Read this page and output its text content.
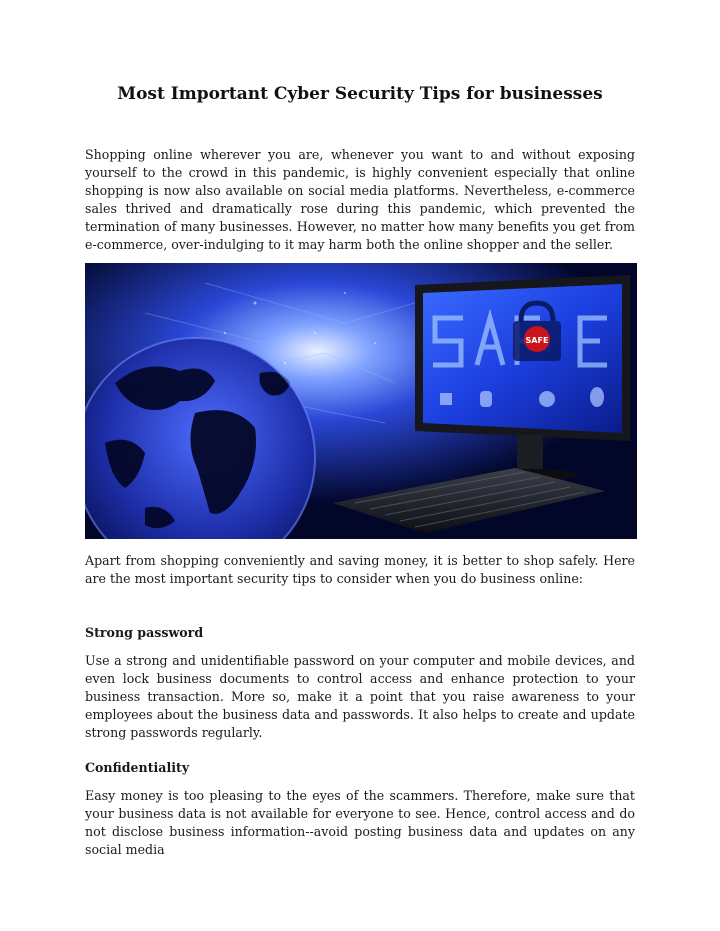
Most Important Cyber Security Tips for businesses

Shopping online wherever you are, whenever you want to and without exposing yourself to the crowd in this pandemic, is highly convenient especially that online shopping is now also available on social media platforms. Nevertheless, e-commerce sales thrived and dramatically rose during this pandemic, which prevented the termination of many businesses. However, no matter how many benefits you get from e-commerce, over-indulging to it may harm both the online shopper and the seller.

SAFE

Apart from shopping conveniently and saving money, it is better to shop safely. Here are the most important security tips to consider when you do business online:

Strong password

Use a strong and unidentifiable password on your computer and mobile devices, and even lock business documents to control access and enhance protection to your business transaction. More so, make it a point that you raise awareness to your employees about the business data and passwords. It also helps to create and update strong passwords regularly.

Confidentiality

Easy money is too pleasing to the eyes of the scammers. Therefore, make sure that your business data is not available for everyone to see. Hence, control access and do not disclose business information--avoid posting business data and updates on any social media
